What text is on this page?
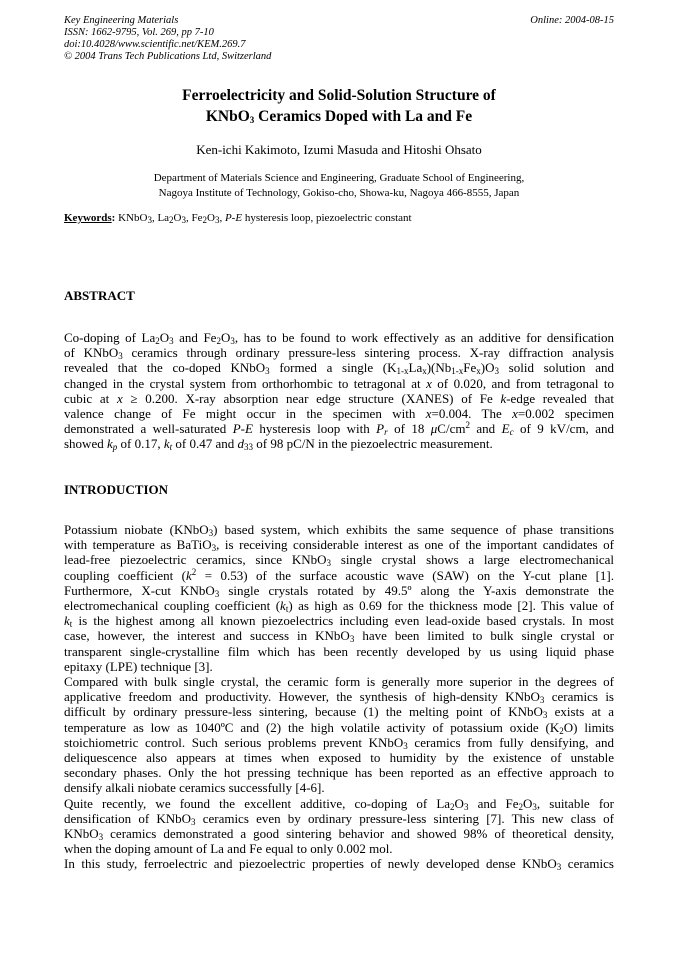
Key Engineering Materials
ISSN: 1662-9795, Vol. 269, pp 7-10
doi:10.4028/www.scientific.net/KEM.269.7
© 2004 Trans Tech Publications Ltd, Switzerland
Online: 2004-08-15
Ferroelectricity and Solid-Solution Structure of
KNbO$_3$ Ceramics Doped with La and Fe
Ken-ichi Kakimoto, Izumi Masuda and Hitoshi Ohsato
Department of Materials Science and Engineering, Graduate School of Engineering,
Nagoya Institute of Technology, Gokiso-cho, Showa-ku, Nagoya 466-8555, Japan
Keywords: KNbO$_3$, $La_2O_3$, $Fe_2O_3$, P-E hysteresis loop, piezoelectric constant
ABSTRACT
Co-doping of $La_2O_3$ and $Fe_2O_3$, has to be found to work effectively as an additive for densification
of KNbO$_3$ ceramics through ordinary pressure-less sintering process. X-ray diffraction analysis
revealed that the co-doped KNbO$_3$ formed a single $(K_{1-x}La_x)(Nb_{1-x}Fe_x)O_3$ solid solution and
changed in the crystal system from orthorhombic to tetragonal at x of 0.020, and from tetragonal to
cubic at x ≥ 0.200. X-ray absorption near edge structure (XANES) of Fe k-edge revealed that
valence change of Fe might occur in the specimen with x=0.004. The x=0.002 specimen
demonstrated a well-saturated P-E hysteresis loop with $P_r$ of 18 $\mu C/cm^2$ and $E_c$ of 9 kV/cm, and
showed $k_p$ of 0.17, $k_t$ of 0.47 and $d_{33}$ of 98 pC/N in the piezoelectric measurement.
INTRODUCTION
Potassium niobate (KNbO$_3$) based system, which exhibits the same sequence of phase transitions
with temperature as BaTiO$_3$, is receiving considerable interest as one of the important candidates of
lead-free piezoelectric ceramics, since KNbO$_3$ single crystal shows a large electromechanical
coupling coefficient $(k^2 = 0.53)$ of the surface acoustic wave (SAW) on the Y-cut plane [1].
Furthermore, X-cut KNbO$_3$ single crystals rotated by 49.5º along the Y-axis demonstrate the
electromechanical coupling coefficient $(k_t)$ as high as 0.69 for the thickness mode [2]. This value of
$k_t$ is the highest among all known piezoelectrics including even lead-oxide based crystals. In most
case, however, the interest and success in KNbO$_3$ have been limited to bulk single crystal or
transparent single-crystalline film which has been recently developed by us using liquid phase
epitaxy (LPE) technique [3].
Compared with bulk single crystal, the ceramic form is generally more superior in the degrees of
applicative freedom and productivity. However, the synthesis of high-density KNbO$_3$ ceramics is
difficult by ordinary pressure-less sintering, because (1) the melting point of KNbO$_3$ exists at a
temperature as low as 1040ºC and (2) the high volatile activity of potassium oxide $(K_2O)$ limits
stoichiometric control. Such serious problems prevent KNbO$_3$ ceramics from fully densifying, and
deliquescence also appears at times when exposed to humidity by the existence of unstable
secondary phases. Only the hot pressing technique has been reported as an effective approach to
densify alkali niobate ceramics successfully [4-6].
Quite recently, we found the excellent additive, co-doping of $La_2O_3$ and $Fe_2O_3$, suitable for
densification of KNbO$_3$ ceramics even by ordinary pressure-less sintering [7]. This new class of
KNbO$_3$ ceramics demonstrated a good sintering behavior and showed 98% of theoretical density,
when the doping amount of La and Fe equal to only 0.002 mol.
In this study, ferroelectric and piezoelectric properties of newly developed dense KNbO$_3$ ceramics
